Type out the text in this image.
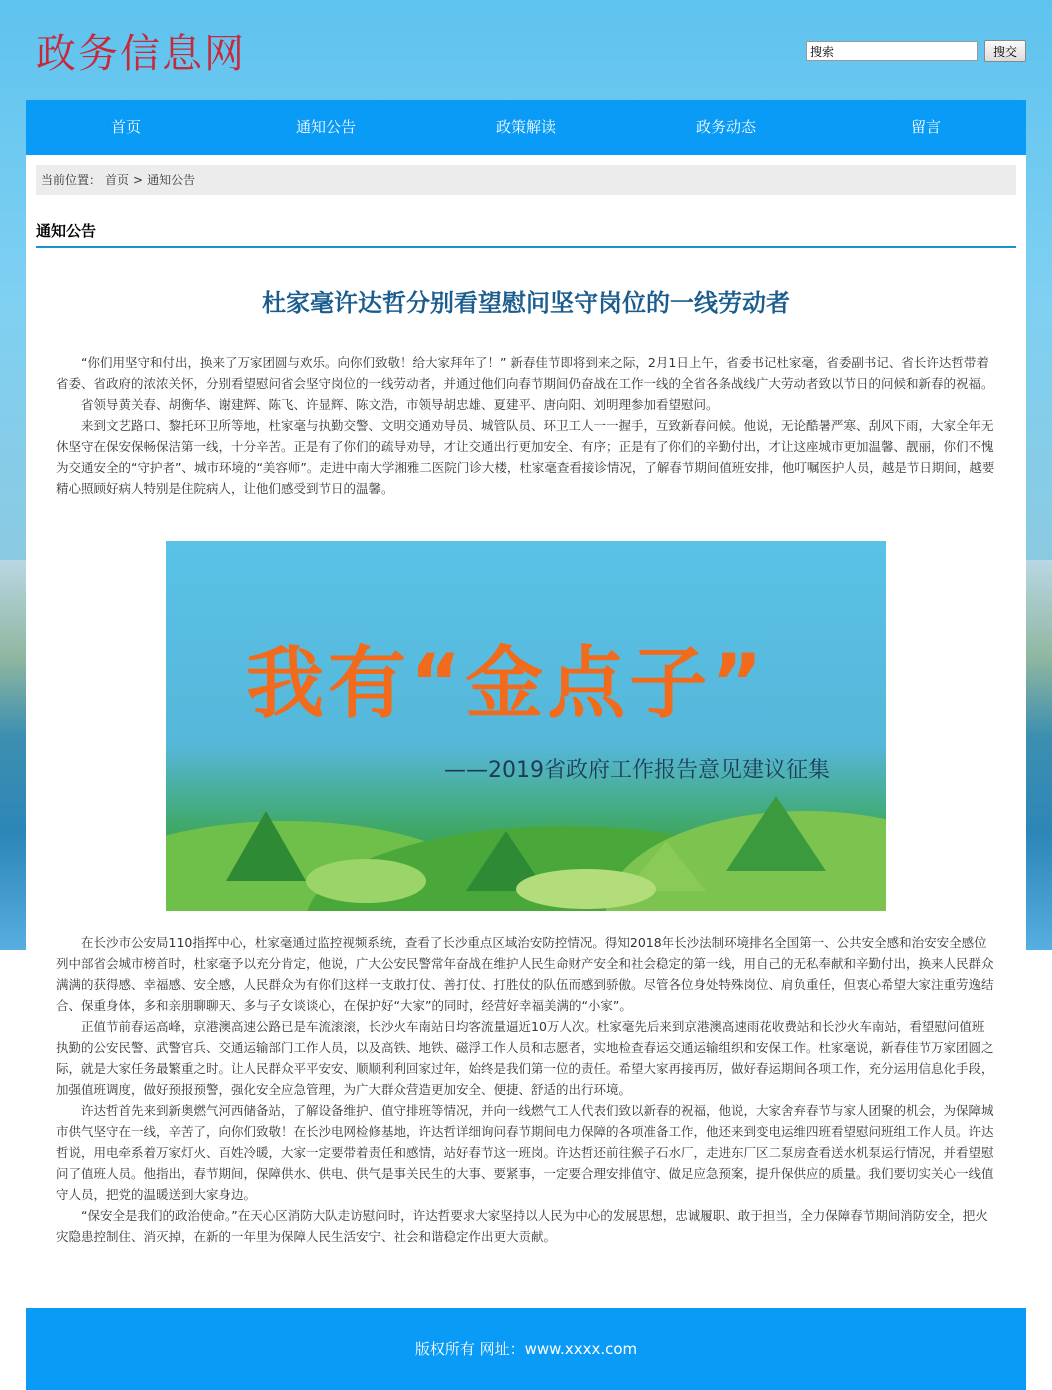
政务信息网
搜索	搜交
首页	通知公告	政策解读	政务动态	留言
当前位置： 首页 > 通知公告
通知公告
杜家毫许达哲分别看望慰问坚守岗位的一线劳动者

“你们用坚守和付出，换来了万家团圆与欢乐。向你们致敬！给大家拜年了！” 新春佳节即将到来之际，2月1日上午，省委书记杜家毫，省委副书记、省长许达哲带着省委、省政府的浓浓关怀，分别看望慰问省会坚守岗位的一线劳动者，并通过他们向春节期间仍奋战在工作一线的全省各条战线广大劳动者致以节日的问候和新春的祝福。

省领导黄关春、胡衡华、谢建辉、陈飞、许显辉、陈文浩，市领导胡忠雄、夏建平、唐向阳、刘明理参加看望慰问。

来到文艺路口、黎托环卫所等地，杜家毫与执勤交警、文明交通劝导员、城管队员、环卫工人一一握手，互致新春问候。他说，无论酷暑严寒、刮风下雨，大家全年无休坚守在保安保畅保洁第一线，十分辛苦。正是有了你们的疏导劝导，才让交通出行更加安全、有序；正是有了你们的辛勤付出，才让这座城市更加温馨、靓丽，你们不愧为交通安全的“守护者”、城市环境的“美容师”。走进中南大学湘雅二医院门诊大楼，杜家毫查看接诊情况，了解春节期间值班安排，他叮嘱医护人员，越是节日期间，越要精心照顾好病人特别是住院病人，让他们感受到节日的温馨。

我有“金点子”
——2019省政府工作报告意见建议征集

在长沙市公安局110指挥中心，杜家毫通过监控视频系统，查看了长沙重点区域治安防控情况。得知2018年长沙法制环境排名全国第一、公共安全感和治安安全感位列中部省会城市榜首时，杜家毫予以充分肯定，他说，广大公安民警常年奋战在维护人民生命财产安全和社会稳定的第一线，用自己的无私奉献和辛勤付出，换来人民群众满满的获得感、幸福感、安全感，人民群众为有你们这样一支敢打仗、善打仗、打胜仗的队伍而感到骄傲。尽管各位身处特殊岗位、肩负重任，但衷心希望大家注重劳逸结合、保重身体，多和亲朋聊聊天、多与子女谈谈心，在保护好“大家”的同时，经营好幸福美满的“小家”。

正值节前春运高峰，京港澳高速公路已是车流滚滚，长沙火车南站日均客流量逼近10万人次。杜家毫先后来到京港澳高速雨花收费站和长沙火车南站，看望慰问值班执勤的公安民警、武警官兵、交通运输部门工作人员，以及高铁、地铁、磁浮工作人员和志愿者，实地检查春运交通运输组织和安保工作。杜家毫说，新春佳节万家团圆之际，就是大家任务最繁重之时。让人民群众平平安安、顺顺利利回家过年，始终是我们第一位的责任。希望大家再接再厉，做好春运期间各项工作，充分运用信息化手段，加强值班调度，做好预报预警，强化安全应急管理，为广大群众营造更加安全、便捷、舒适的出行环境。

许达哲首先来到新奥燃气河西储备站，了解设备维护、值守排班等情况，并向一线燃气工人代表们致以新春的祝福，他说，大家舍弃春节与家人团聚的机会，为保障城市供气坚守在一线，辛苦了，向你们致敬！在长沙电网检修基地，许达哲详细询问春节期间电力保障的各项准备工作，他还来到变电运维四班看望慰问班组工作人员。许达哲说，用电牵系着万家灯火、百姓冷暖，大家一定要带着责任和感情，站好春节这一班岗。许达哲还前往猴子石水厂，走进东厂区二泵房查看送水机泵运行情况，并看望慰问了值班人员。他指出，春节期间，保障供水、供电、供气是事关民生的大事、要紧事，一定要合理安排值守、做足应急预案，提升保供应的质量。我们要切实关心一线值守人员，把党的温暖送到大家身边。

“保安全是我们的政治使命。”在天心区消防大队走访慰问时，许达哲要求大家坚持以人民为中心的发展思想，忠诚履职、敢于担当，全力保障春节期间消防安全，把火灾隐患控制住、消灭掉，在新的一年里为保障人民生活安宁、社会和谐稳定作出更大贡献。

版权所有 网址：www.xxxx.com
